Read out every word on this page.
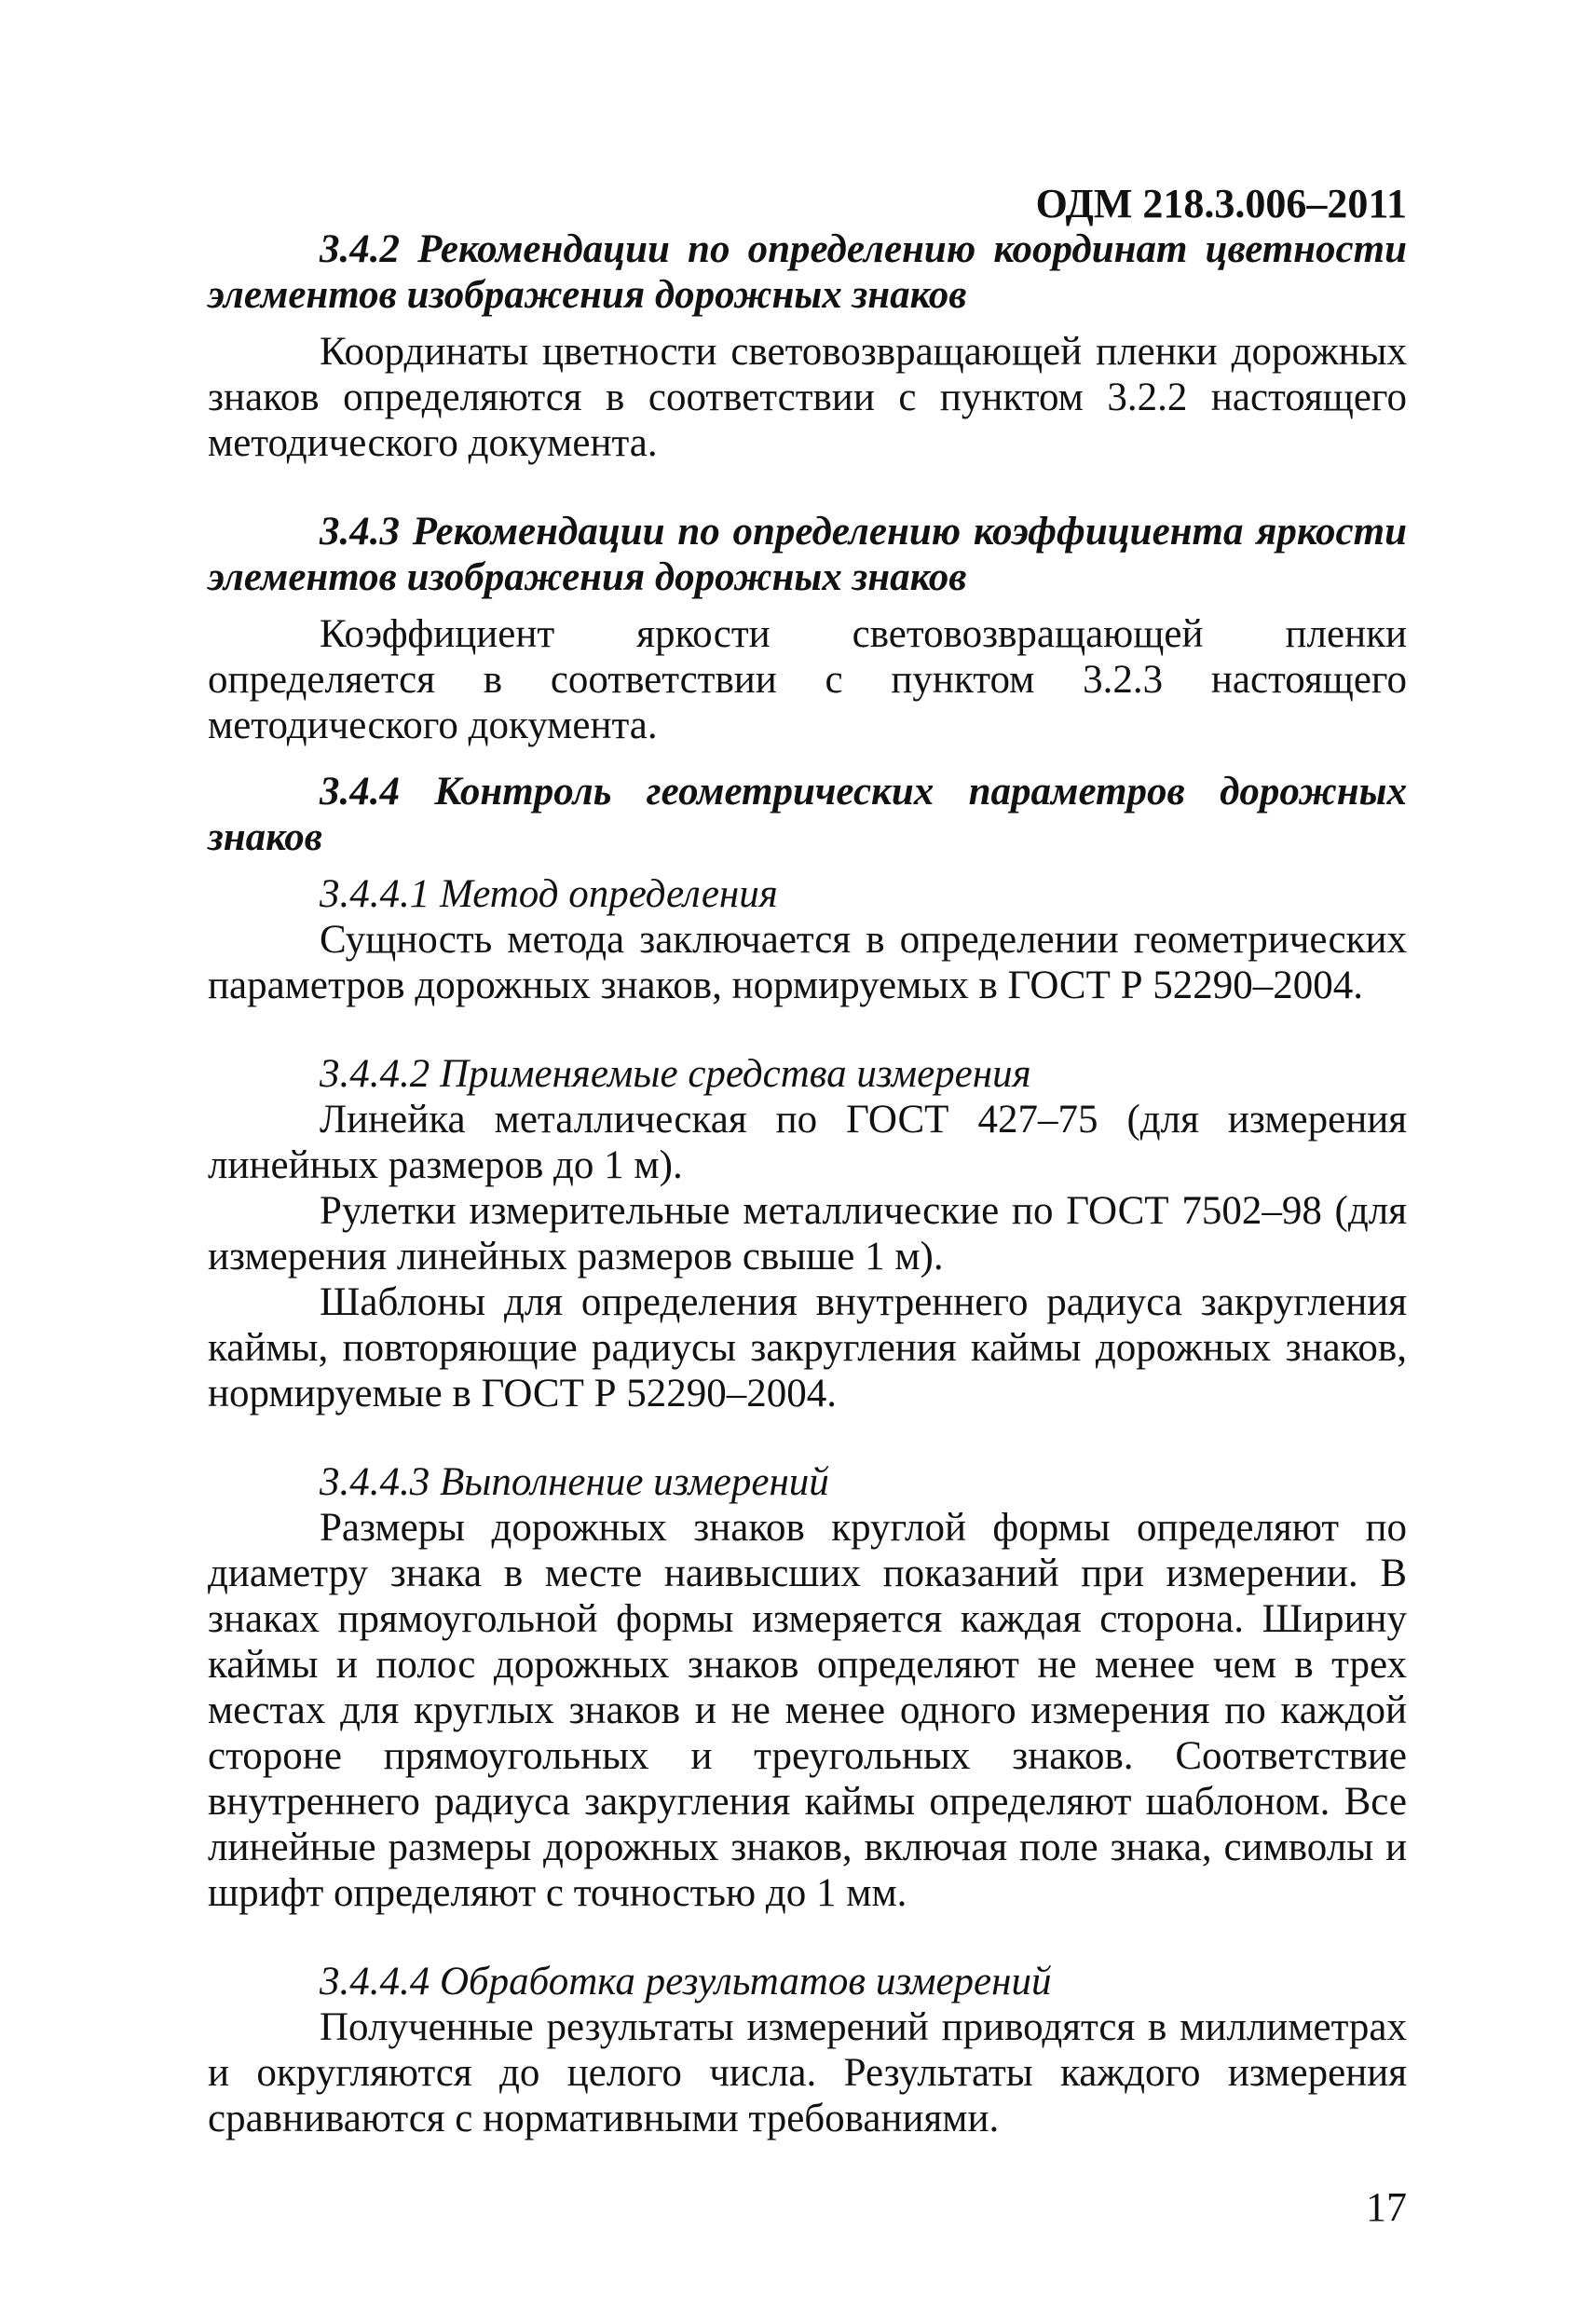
ОДМ 218.3.006–2011

3.4.2 Рекомендации по определению координат цветности элементов изображения дорожных знаков

Координаты цветности световозвращающей пленки дорожных знаков определяются в соответствии с пунктом 3.2.2 настоящего методического документа.

3.4.3 Рекомендации по определению коэффициента яркости элементов изображения дорожных знаков

Коэффициент яркости световозвращающей пленки определяется в соответствии с пунктом 3.2.3 настоящего методического документа.

3.4.4 Контроль геометрических параметров дорожных знаков

3.4.4.1 Метод определения

Сущность метода заключается в определении геометрических параметров дорожных знаков, нормируемых в ГОСТ Р 52290–2004.

3.4.4.2 Применяемые средства измерения

Линейка металлическая по ГОСТ 427–75 (для измерения линейных размеров до 1 м).

Рулетки измерительные металлические по ГОСТ 7502–98 (для измерения линейных размеров свыше 1 м).

Шаблоны для определения внутреннего радиуса закругления каймы, повторяющие радиусы закругления каймы дорожных знаков, нормируемые в ГОСТ Р 52290–2004.

3.4.4.3 Выполнение измерений

Размеры дорожных знаков круглой формы определяют по диаметру знака в месте наивысших показаний при измерении. В знаках прямоугольной формы измеряется каждая сторона. Ширину каймы и полос дорожных знаков определяют не менее чем в трех местах для круглых знаков и не менее одного измерения по каждой стороне прямоугольных и треугольных знаков. Соответствие внутреннего радиуса закругления каймы определяют шаблоном. Все линейные размеры дорожных знаков, включая поле знака, символы и шрифт определяют с точностью до 1 мм.

3.4.4.4 Обработка результатов измерений

Полученные результаты измерений приводятся в миллиметрах и округляются до целого числа. Результаты каждого измерения сравниваются с нормативными требованиями.

17
